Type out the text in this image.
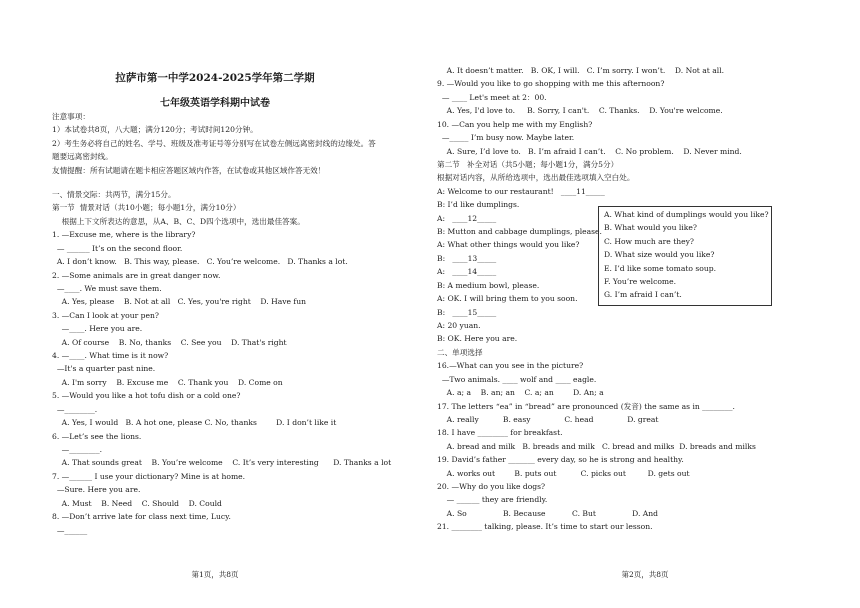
拉萨市第一中学2024-2025学年第二学期
七年级英语学科期中试卷
注意事项：
1）本试卷共8页，八大题；满分120分；考试时间120分钟。
2）考生务必将自己的姓名、学号、班级及准考证号等分别写在试卷左侧远离密封线的边缘处。答
题要远离密封线。
友情提醒：所有试题请在题卡相应答题区域内作答，在试卷或其他区域作答无效！
一、情景交际：共两节，满分15分。
第一节  情景对话（共10小题；每小题1分，满分10分）
根据上下文所表达的意思，从A、B、C、D四个选项中，选出最佳答案。
1. —Excuse me, where is the library?
— ______ It’s on the second floor.
A. I don’t know.   B. This way, please.   C. You’re welcome.   D. Thanks a lot.
2. —Some animals are in great danger now.
—____. We must save them.
A. Yes, please    B. Not at all   C. Yes, you're right    D. Have fun
3. —Can I look at your pen?
—____. Here you are.
A. Of course    B. No, thanks    C. See you    D. That's right
4. —____. What time is it now?
—It's a quarter past nine.
A. I'm sorry    B. Excuse me    C. Thank you    D. Come on
5. —Would you like a hot tofu dish or a cold one?
—________.
A. Yes, I would   B. A hot one, please C. No, thanks        D. I don’t like it
6. —Let’s see the lions.
—________.
A. That sounds great    B. You’re welcome    C. It’s very interesting      D. Thanks a lot
7. —______ I use your dictionary? Mine is at home.
—Sure. Here you are.
A. Must    B. Need    C. Should    D. Could
8. —Don’t arrive late for class next time, Lucy.
—______
第1页，共8页
A. It doesn’t matter.   B. OK, I will.   C. I’m sorry. I won’t.    D. Not at all.
9. —Would you like to go shopping with me this afternoon?
— ____ Let's meet at 2：00.
A. Yes, I'd love to.     B. Sorry, I can't.    C. Thanks.    D. You're welcome.
10. —Can you help me with my English?
—_____ I’m busy now. Maybe later.
A. Sure, I’d love to.   B. I’m afraid I can’t.    C. No problem.    D. Never mind.
第二节   补全对话（共5小题；每小题1分，满分5分）
根据对话内容，从所给选项中，选出最佳选项填入空白处。
A: Welcome to our restaurant!   ____11_____
B: I’d like dumplings.
A:   ____12_____
B: Mutton and cabbage dumplings, please.
A: What other things would you like?
B:   ____13_____
A:   ____14_____
B: A medium bowl, please.
A: OK. I will bring them to you soon.
B:   ____15_____
A: 20 yuan.
B: OK. Here you are.
二、单项选择
16.—What can you see in the picture?
—Two animals. ____ wolf and ____ eagle.
A. a; a    B. an; an    C. a; an        D. An; a
17. The letters “ea” in “bread” are pronounced (发音) the same as in ________.
A. really          B. easy              C. head              D. great
18. I have ________ for breakfast.
A. bread and milk   B. breads and milk   C. bread and milks  D. breads and milks
19. David’s father _______ every day, so he is strong and healthy.
A. works out        B. puts out          C. picks out         D. gets out
20. —Why do you like dogs?
— ______ they are friendly.
A. So               B. Because           C. But               D. And
21. ________ talking, please. It’s time to start our lesson.
第2页，共8页
A. What kind of dumplings would you like?
B. What would you like?
C. How much are they?
D. What size would you like?
E. I’d like some tomato soup.
F. You’re welcome.
G. I’m afraid I can’t.
